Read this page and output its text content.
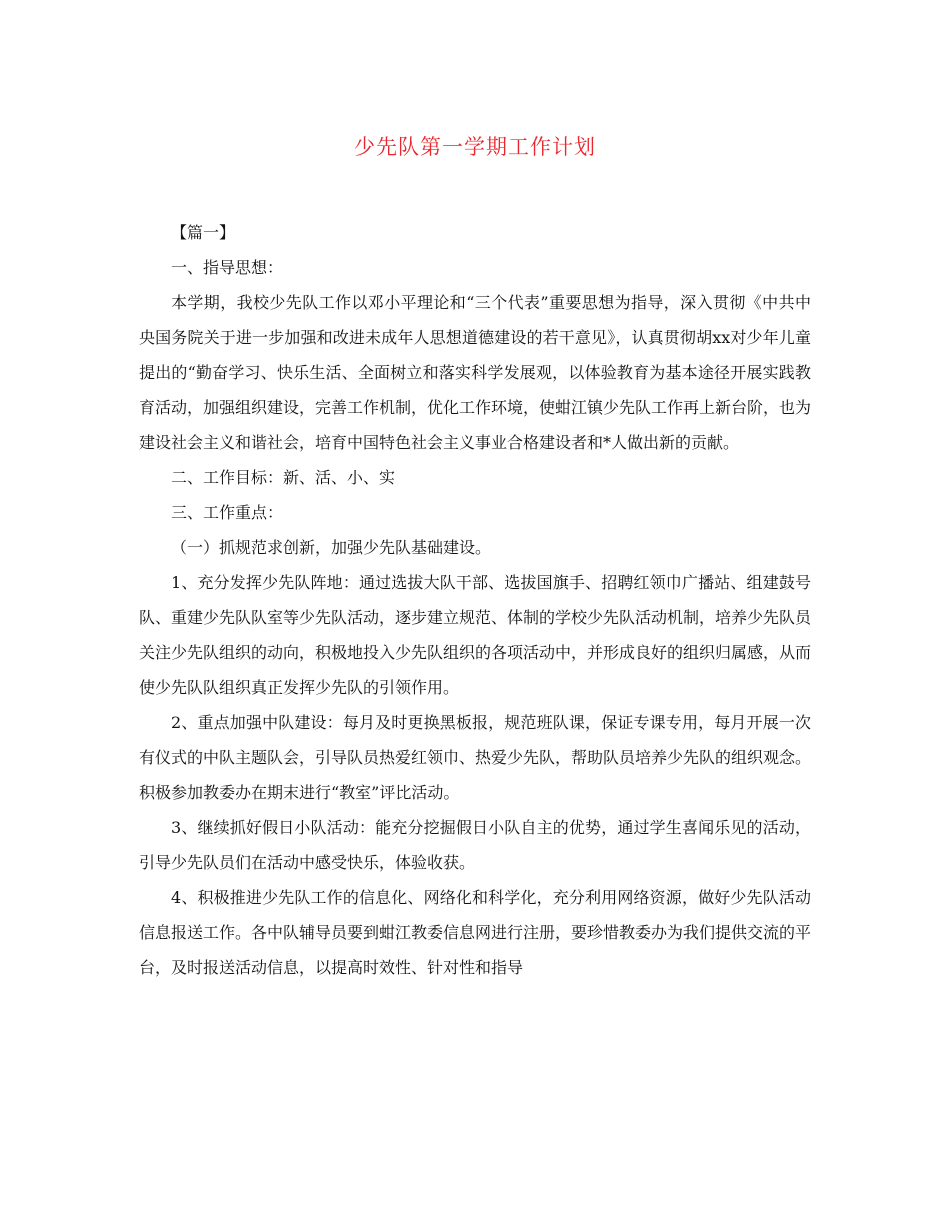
少先队第一学期工作计划

【篇一】

一、指导思想：

本学期，我校少先队工作以邓小平理论和“三个代表”重要思想为指导，深入贯彻《中共中央国务院关于进一步加强和改进未成年人思想道德建设的若干意见》，认真贯彻胡xx对少年儿童提出的“勤奋学习、快乐生活、全面树立和落实科学发展观，以体验教育为基本途径开展实践教育活动，加强组织建设，完善工作机制，优化工作环境，使蚶江镇少先队工作再上新台阶，也为建设社会主义和谐社会，培育中国特色社会主义事业合格建设者和*人做出新的贡献。

二、工作目标：新、活、小、实

三、工作重点：

（一）抓规范求创新，加强少先队基础建设。

1、充分发挥少先队阵地：通过选拔大队干部、选拔国旗手、招聘红领巾广播站、组建鼓号队、重建少先队队室等少先队活动，逐步建立规范、体制的学校少先队活动机制，培养少先队员关注少先队组织的动向，积极地投入少先队组织的各项活动中，并形成良好的组织归属感，从而使少先队队组织真正发挥少先队的引领作用。

2、重点加强中队建设：每月及时更换黑板报，规范班队课，保证专课专用，每月开展一次有仪式的中队主题队会，引导队员热爱红领巾、热爱少先队，帮助队员培养少先队的组织观念。积极参加教委办在期末进行“教室”评比活动。

3、继续抓好假日小队活动：能充分挖掘假日小队自主的优势，通过学生喜闻乐见的活动，引导少先队员们在活动中感受快乐，体验收获。

4、积极推进少先队工作的信息化、网络化和科学化，充分利用网络资源，做好少先队活动信息报送工作。各中队辅导员要到蚶江教委信息网进行注册，要珍惜教委办为我们提供交流的平台，及时报送活动信息，以提高时效性、针对性和指导
